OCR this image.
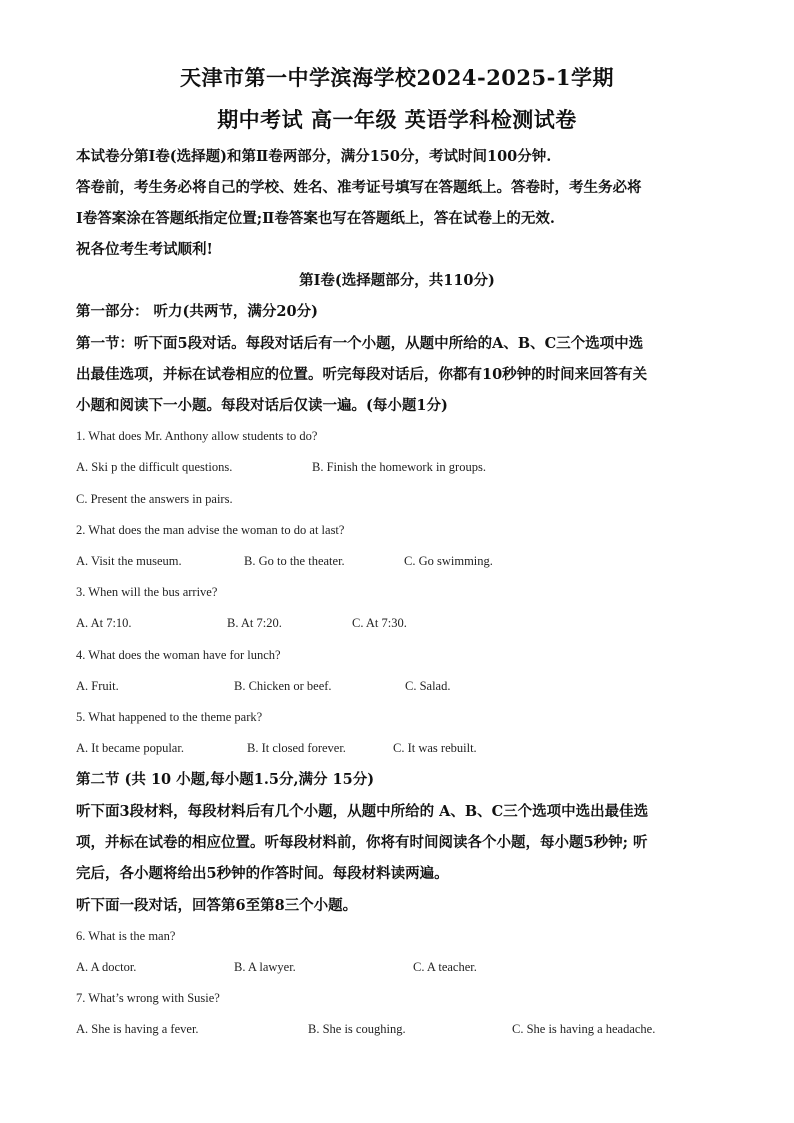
天津市第一中学滨海学校2024-2025-1学期
期中考试 高一年级 英语学科检测试卷
本试卷分第Ⅰ卷(选择题)和第Ⅱ卷两部分，满分150分，考试时间100分钟.
答卷前，考生务必将自己的学校、姓名、准考证号填写在答题纸上。答卷时，考生务必将
Ⅰ卷答案涂在答题纸指定位置;Ⅱ卷答案也写在答题纸上，答在试卷上的无效.
祝各位考生考试顺利!
第Ⅰ卷(选择题部分，共110分)
第一部分： 听力(共两节，满分20分)
第一节：听下面5段对话。每段对话后有一个小题，从题中所给的A、B、C三个选项中选
出最佳选项，并标在试卷相应的位置。听完每段对话后，你都有10秒钟的时间来回答有关
小题和阅读下一小题。每段对话后仅读一遍。(每小题1分)
1. What does Mr. Anthony allow students to do?
A. Ski p the difficult questions.	B. Finish the homework in groups.
C. Present the answers in pairs.
2. What does the man advise the woman to do at last?
A. Visit the museum.	B. Go to the theater.	C. Go swimming.
3. When will the bus arrive?
A. At 7:10.	B. At 7:20.	C. At 7:30.
4. What does the woman have for lunch?
A. Fruit.	B. Chicken or beef.	C. Salad.
5. What happened to the theme park?
A. It became popular.	B. It closed forever.	C. It was rebuilt.
第二节 (共 10 小题,每小题1.5分,满分 15分)
听下面3段材料，每段材料后有几个小题，从题中所给的 A、B、C三个选项中选出最佳选
项，并标在试卷的相应位置。听每段材料前，你将有时间阅读各个小题，每小题5秒钟; 听
完后，各小题将给出5秒钟的作答时间。每段材料读两遍。
听下面一段对话，回答第6至第8三个小题。
6. What is the man?
A. A doctor.	B. A lawyer.	C. A teacher.
7. What’s wrong with Susie?
A. She is having a fever.	B. She is coughing.	C. She is having a headache.
